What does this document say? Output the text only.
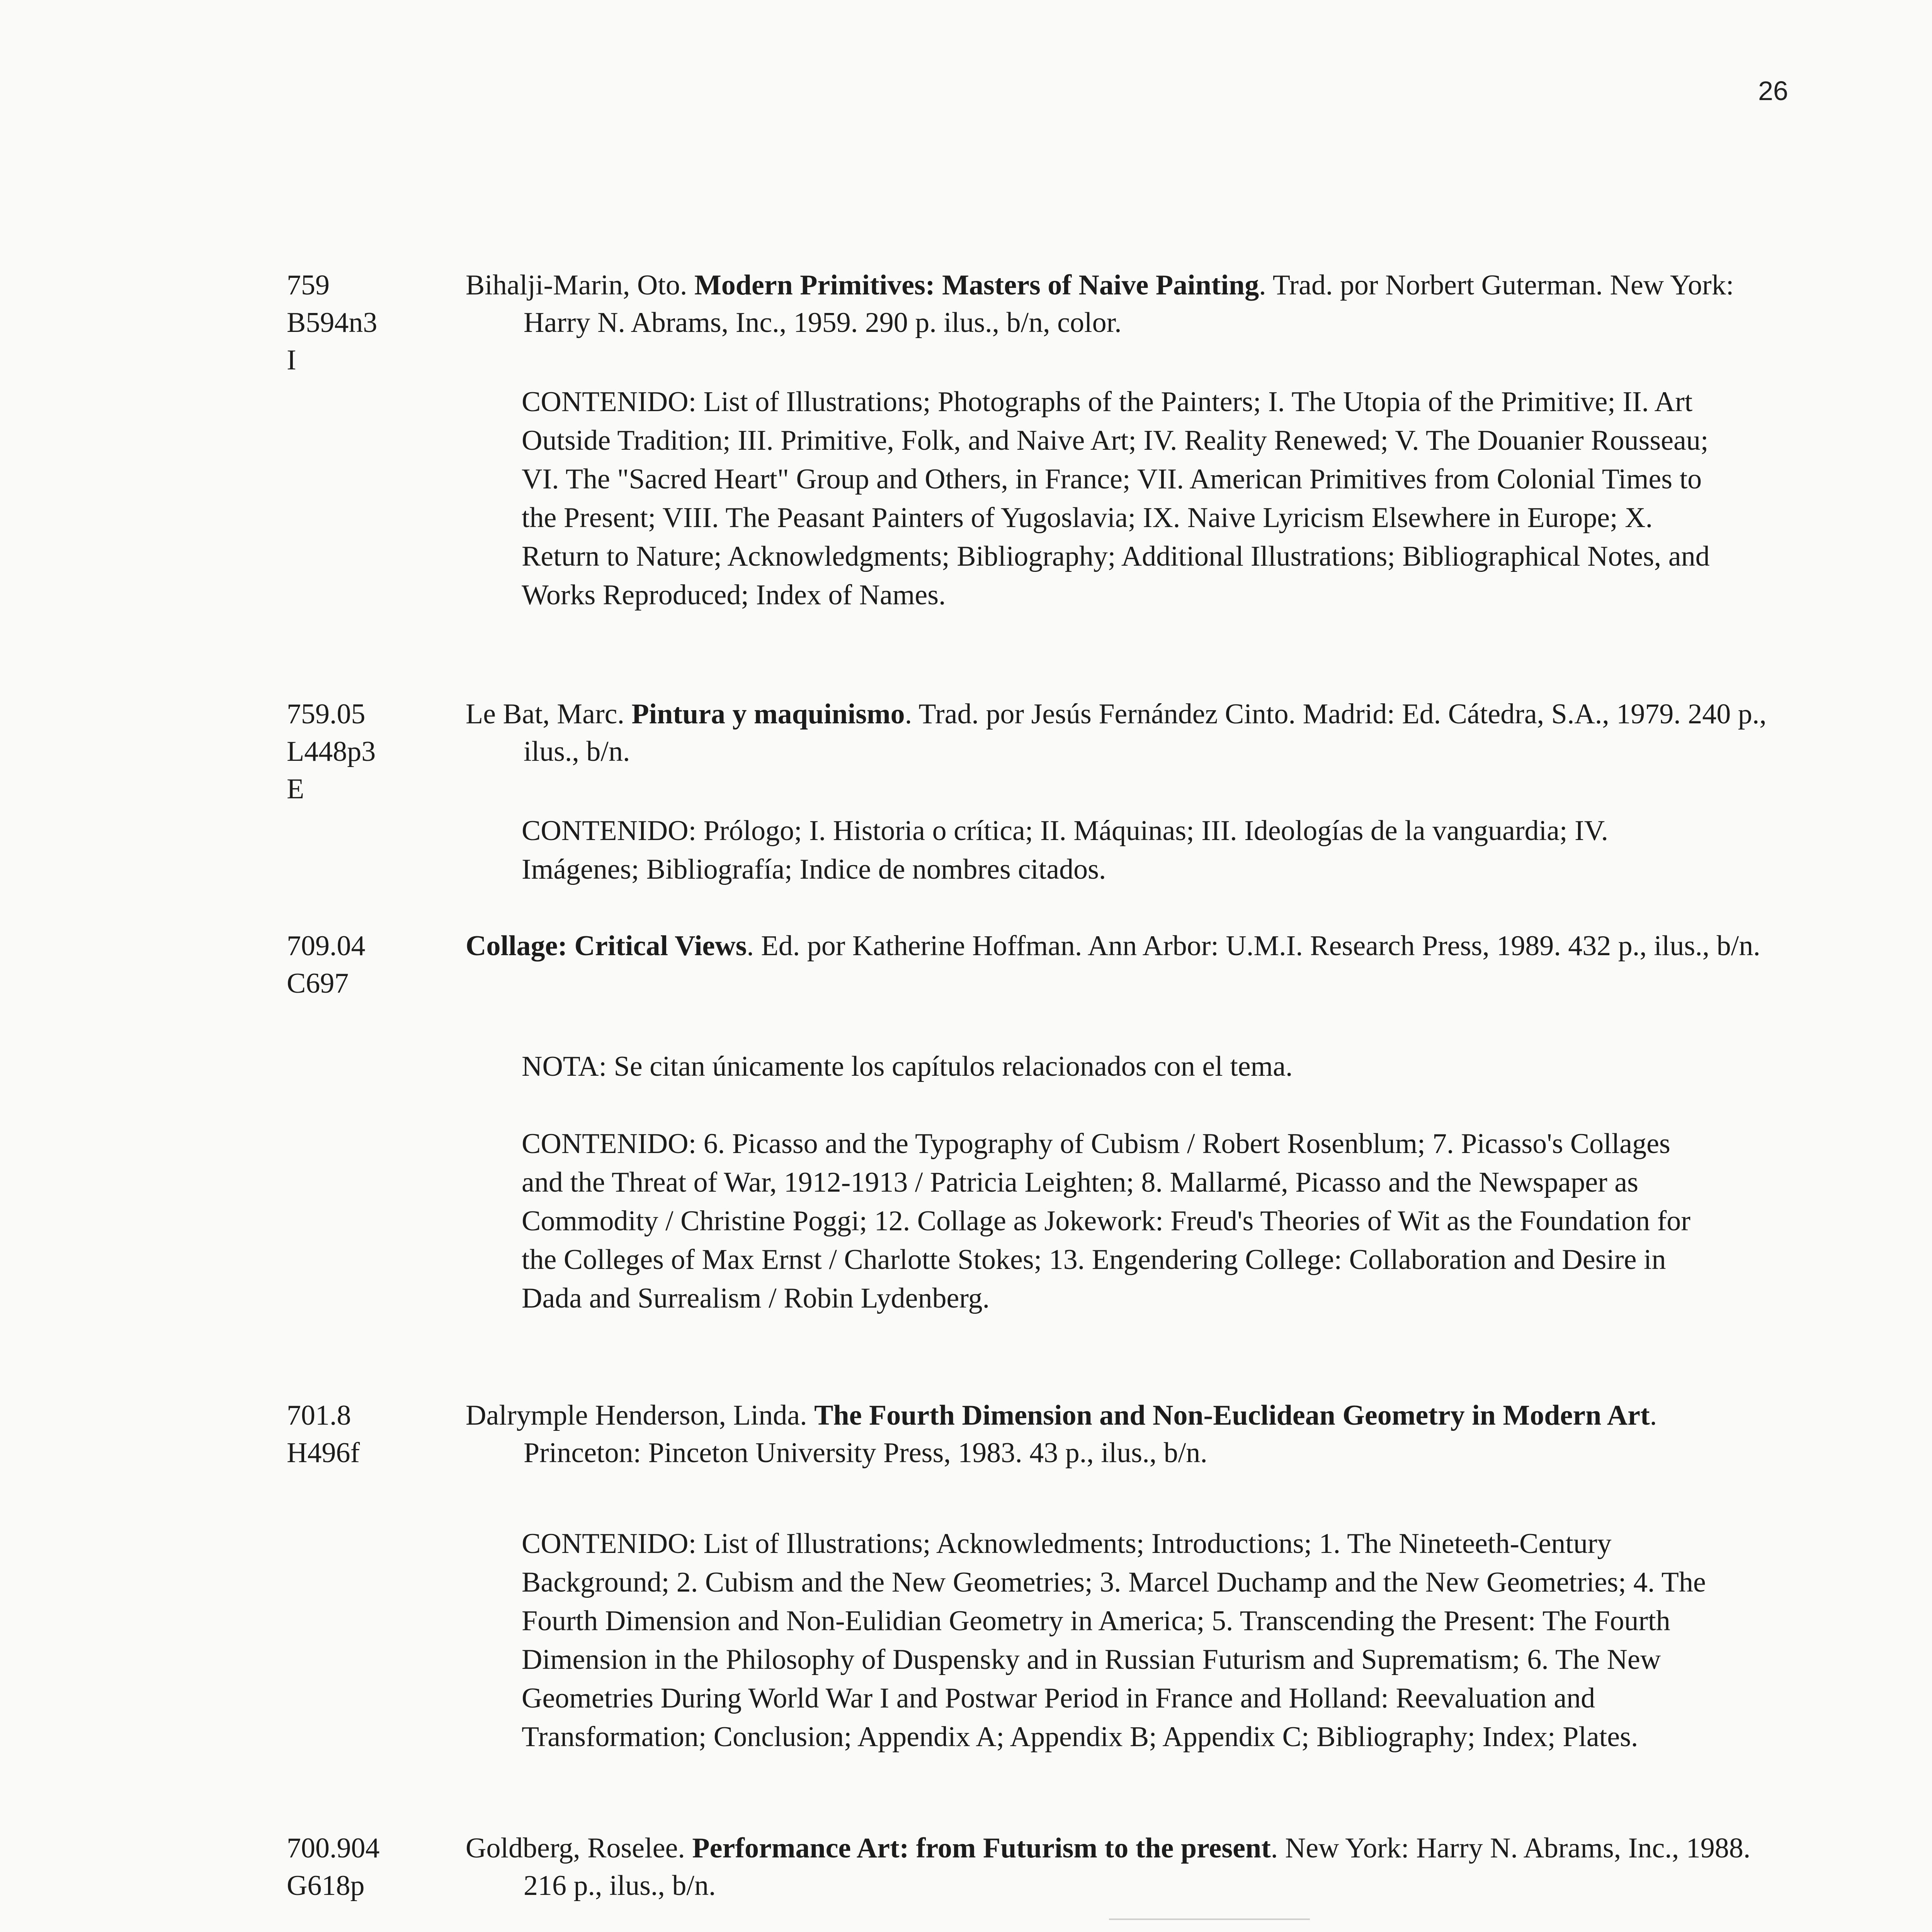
26
759
B594n3
I

Bihalji-Marin, Oto. Modern Primitives: Masters of Naive Painting. Trad. por Norbert Guterman. New York: Harry N. Abrams, Inc., 1959. 290 p. ilus., b/n, color.

CONTENIDO: List of Illustrations; Photographs of the Painters; I. The Utopia of the Primitive; II. Art Outside Tradition; III. Primitive, Folk, and Naive Art; IV. Reality Renewed; V. The Douanier Rousseau; VI. The "Sacred Heart" Group and Others, in France; VII. American Primitives from Colonial Times to the Present; VIII. The Peasant Painters of Yugoslavia; IX. Naive Lyricism Elsewhere in Europe; X. Return to Nature; Acknowledgments; Bibliography; Additional Illustrations; Bibliographical Notes, and Works Reproduced; Index of Names.

759.05
L448p3
E

Le Bat, Marc. Pintura y maquinismo. Trad. por Jesús Fernández Cinto. Madrid: Ed. Cátedra, S.A., 1979. 240 p., ilus., b/n.

CONTENIDO: Prólogo; I. Historia o crítica; II. Máquinas; III. Ideologías de la vanguardia; IV. Imágenes; Bibliografía; Indice de nombres citados.

709.04
C697

Collage: Critical Views. Ed. por Katherine Hoffman. Ann Arbor: U.M.I. Research Press, 1989. 432 p., ilus., b/n.

NOTA: Se citan únicamente los capítulos relacionados con el tema.

CONTENIDO: 6. Picasso and the Typography of Cubism / Robert Rosenblum; 7. Picasso's Collages and the Threat of War, 1912-1913 / Patricia Leighten; 8. Mallarmé, Picasso and the Newspaper as Commodity / Christine Poggi; 12. Collage as Jokework: Freud's Theories of Wit as the Foundation for the Colleges of Max Ernst / Charlotte Stokes; 13. Engendering College: Collaboration and Desire in Dada and Surrealism / Robin Lydenberg.

701.8
H496f

Dalrymple Henderson, Linda. The Fourth Dimension and Non-Euclidean Geometry in Modern Art. Princeton: Pinceton University Press, 1983. 43 p., ilus., b/n.

CONTENIDO: List of Illustrations; Acknowledments; Introductions; 1. The Nineteeth-Century Background; 2. Cubism and the New Geometries; 3. Marcel Duchamp and the New Geometries; 4. The Fourth Dimension and Non-Eulidian Geometry in America; 5. Transcending the Present: The Fourth Dimension in the Philosophy of Duspensky and in Russian Futurism and Suprematism; 6. The New Geometries During World War I and Postwar Period in France and Holland: Reevaluation and Transformation; Conclusion; Appendix A; Appendix B; Appendix C; Bibliography; Index; Plates.

700.904
G618p

Goldberg, Roselee. Performance Art: from Futurism to the present. New York: Harry N. Abrams, Inc., 1988. 216 p., ilus., b/n.
